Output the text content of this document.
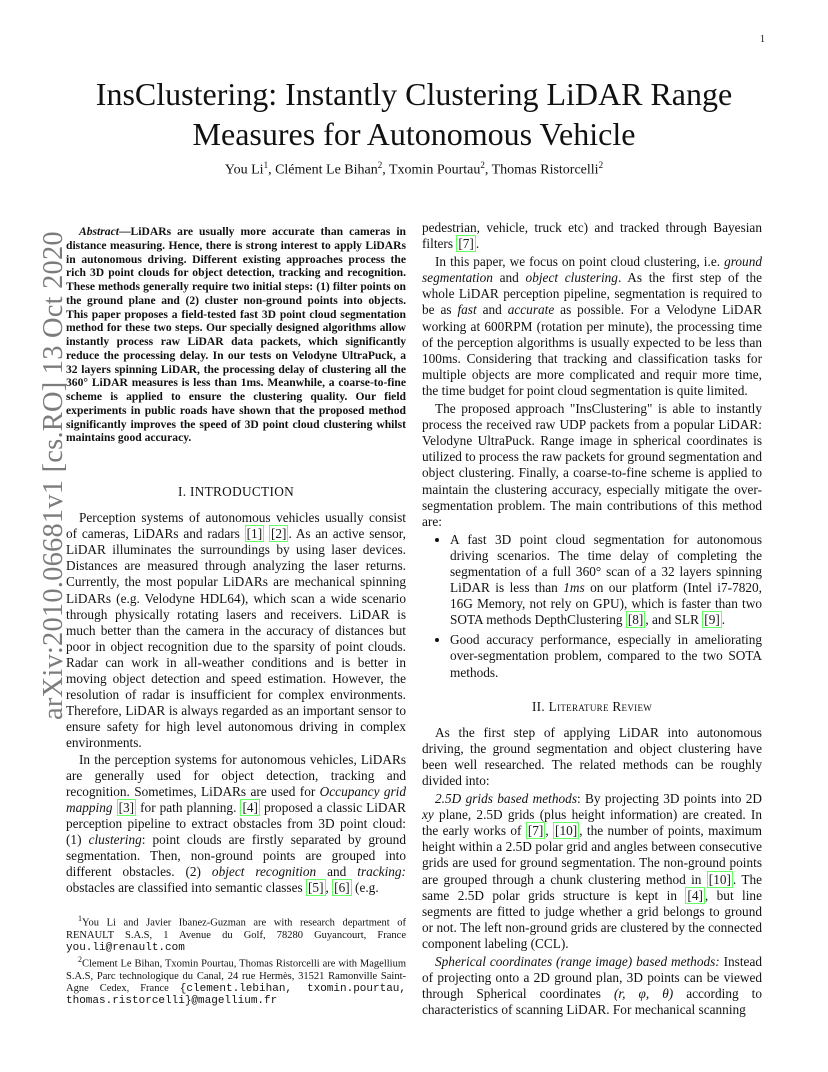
1
arXiv:2010.06681v1 [cs.RO] 13 Oct 2020
InsClustering: Instantly Clustering LiDAR Range
Measures for Autonomous Vehicle
You Li$^1$, Clément Le Bihan$^2$, Txomin Pourtau$^2$, Thomas Ristorcelli$^2$
Abstract—LiDARs are usually more accurate than cameras in distance measuring. Hence, there is strong interest to apply LiDARs in autonomous driving. Different existing approaches process the rich 3D point clouds for object detection, tracking and recognition. These methods generally require two initial steps: (1) filter points on the ground plane and (2) cluster non-ground points into objects. This paper proposes a field-tested fast 3D point cloud segmentation method for these two steps. Our specially designed algorithms allow instantly process raw LiDAR data packets, which significantly reduce the processing delay. In our tests on Velodyne UltraPuck, a 32 layers spinning LiDAR, the processing delay of clustering all the 360° LiDAR measures is less than 1ms. Meanwhile, a coarse-to-fine scheme is applied to ensure the clustering quality. Our field experiments in public roads have shown that the proposed method significantly improves the speed of 3D point cloud clustering whilst maintains good accuracy.
I. INTRODUCTION

Perception systems of autonomous vehicles usually consist of cameras, LiDARs and radars [1] [2] . As an active sensor, LiDAR illuminates the surroundings by using laser devices. Distances are measured through analyzing the laser returns. Currently, the most popular LiDARs are mechanical spinning LiDARs (e.g. Velodyne HDL64), which scan a wide scenario through physically rotating lasers and receivers. LiDAR is much better than the camera in the accuracy of distances but poor in object recognition due to the sparsity of point clouds. Radar can work in all-weather conditions and is better in moving object detection and speed estimation. However, the resolution of radar is insufficient for complex environments. Therefore, LiDAR is always regarded as an important sensor to ensure safety for high level autonomous driving in complex environments.

In the perception systems for autonomous vehicles, LiDARs are generally used for object detection, tracking and recognition. Sometimes, LiDARs are used for Occupancy grid mapping [3] for path planning. [4] proposed a classic LiDAR perception pipeline to extract obstacles from 3D point cloud: (1) clustering: point clouds are firstly separated by ground segmentation. Then, non-ground points are grouped into different obstacles. (2) object recognition and tracking: obstacles are classified into semantic classes [5] , [6] (e.g.

$^1$You Li and Javier Ibanez-Guzman are with research department of RENAULT S.A.S, 1 Avenue du Golf, 78280 Guyancourt, France you.li@renault.com

$^2$Clement Le Bihan, Txomin Pourtau, Thomas Ristorcelli are with Magellium S.A.S, Parc technologique du Canal, 24 rue Hermès, 31521 Ramonville Saint-Agne Cedex, France {clement.lebihan, txomin.pourtau, thomas.ristorcelli}@magellium.fr

pedestrian, vehicle, truck etc) and tracked through Bayesian filters [7] .

In this paper, we focus on point cloud clustering, i.e. ground segmentation and object clustering. As the first step of the whole LiDAR perception pipeline, segmentation is required to be as fast and accurate as possible. For a Velodyne LiDAR working at 600RPM (rotation per minute), the processing time of the perception algorithms is usually expected to be less than 100ms. Considering that tracking and classification tasks for multiple objects are more complicated and requir more time, the time budget for point cloud segmentation is quite limited.

The proposed approach "InsClustering" is able to instantly process the received raw UDP packets from a popular LiDAR: Velodyne UltraPuck. Range image in spherical coordinates is utilized to process the raw packets for ground segmentation and object clustering. Finally, a coarse-to-fine scheme is applied to maintain the clustering accuracy, especially mitigate the over-segmentation problem. The main contributions of this method are:

• A fast 3D point cloud segmentation for autonomous driving scenarios. The time delay of completing the segmentation of a full 360° scan of a 32 layers spinning LiDAR is less than 1ms on our platform (Intel i7-7820, 16G Memory, not rely on GPU), which is faster than two SOTA methods DepthClustering [8] , and SLR [9] .
• Good accuracy performance, especially in ameliorating over-segmentation problem, compared to the two SOTA methods.
II. Literature Review

As the first step of applying LiDAR into autonomous driving, the ground segmentation and object clustering have been well researched. The related methods can be roughly divided into:

2.5D grids based methods: By projecting 3D points into 2D xy plane, 2.5D grids (plus height information) are created. In the early works of [7] , [10] , the number of points, maximum height within a 2.5D polar grid and angles between consecutive grids are used for ground segmentation. The non-ground points are grouped through a chunk clustering method in [10] . The same 2.5D polar grids structure is kept in [4] , but line segments are fitted to judge whether a grid belongs to ground or not. The left non-ground grids are clustered by the connected component labeling (CCL).

Spherical coordinates (range image) based methods: Instead of projecting onto a 2D ground plan, 3D points can be viewed through Spherical coordinates (r, φ, θ) according to characteristics of scanning LiDAR. For mechanical scanning
